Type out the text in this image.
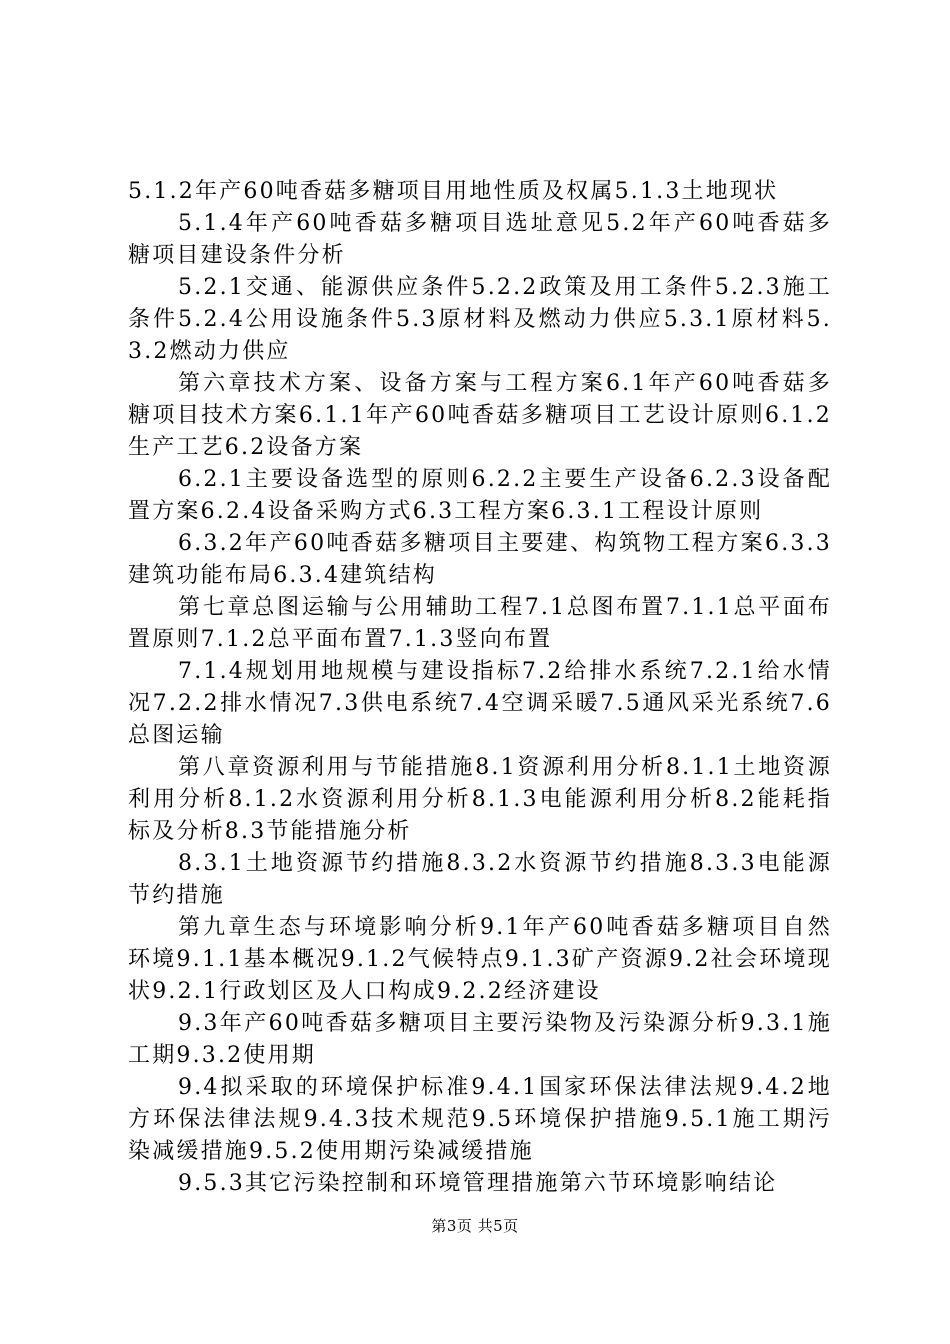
5.1.2年产60吨香菇多糖项目用地性质及权属5.1.3土地现状

5.1.4年产60吨香菇多糖项目选址意见5.2年产60吨香菇多糖项目建设条件分析

5.2.1交通、能源供应条件5.2.2政策及用工条件5.2.3施工条件5.2.4公用设施条件5.3原材料及燃动力供应5.3.1原材料5.3.2燃动力供应

第六章技术方案、设备方案与工程方案6.1年产60吨香菇多糖项目技术方案6.1.1年产60吨香菇多糖项目工艺设计原则6.1.2生产工艺6.2设备方案

6.2.1主要设备选型的原则6.2.2主要生产设备6.2.3设备配置方案6.2.4设备采购方式6.3工程方案6.3.1工程设计原则

6.3.2年产60吨香菇多糖项目主要建、构筑物工程方案6.3.3建筑功能布局6.3.4建筑结构

第七章总图运输与公用辅助工程7.1总图布置7.1.1总平面布置原则7.1.2总平面布置7.1.3竖向布置

7.1.4规划用地规模与建设指标7.2给排水系统7.2.1给水情况7.2.2排水情况7.3供电系统7.4空调采暖7.5通风采光系统7.6总图运输

第八章资源利用与节能措施8.1资源利用分析8.1.1土地资源利用分析8.1.2水资源利用分析8.1.3电能源利用分析8.2能耗指标及分析8.3节能措施分析

8.3.1土地资源节约措施8.3.2水资源节约措施8.3.3电能源节约措施

第九章生态与环境影响分析9.1年产60吨香菇多糖项目自然环境9.1.1基本概况9.1.2气候特点9.1.3矿产资源9.2社会环境现状9.2.1行政划区及人口构成9.2.2经济建设

9.3年产60吨香菇多糖项目主要污染物及污染源分析9.3.1施工期9.3.2使用期

9.4拟采取的环境保护标准9.4.1国家环保法律法规9.4.2地方环保法律法规9.4.3技术规范9.5环境保护措施9.5.1施工期污染减缓措施9.5.2使用期污染减缓措施

9.5.3其它污染控制和环境管理措施第六节环境影响结论

第3页 共5页
